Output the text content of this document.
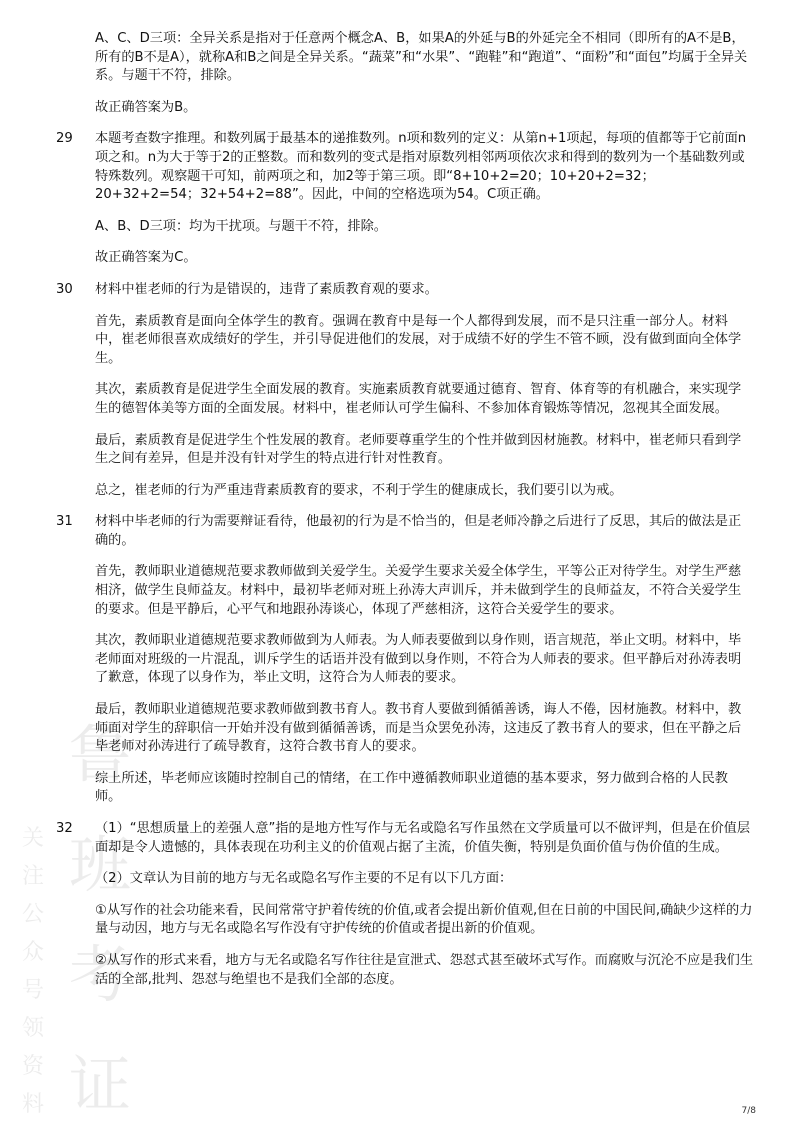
鲁
班
考
证
关
注
公
众
号
领
资
料

A、C、D三项：全异关系是指对于任意两个概念A、B，如果A的外延与B的外延完全不相同（即所有的A不是B，所有的B不是A），就称A和B之间是全异关系。“蔬菜”和“水果”、“跑鞋”和“跑道”、“面粉”和“面包”均属于全异关系。与题干不符，排除。

故正确答案为B。

29 本题考查数字推理。和数列属于最基本的递推数列。n项和数列的定义：从第n+1项起，每项的值都等于它前面n项之和。n为大于等于2的正整数。而和数列的变式是指对原数列相邻两项依次求和得到的数列为一个基础数列或特殊数列。观察题干可知，前两项之和，加2等于第三项。即“8+10+2=20；10+20+2=32；20+32+2=54；32+54+2=88”。因此，中间的空格选项为54。C项正确。

A、B、D三项：均为干扰项。与题干不符，排除。

故正确答案为C。

30 材料中崔老师的行为是错误的，违背了素质教育观的要求。

首先，素质教育是面向全体学生的教育。强调在教育中是每一个人都得到发展，而不是只注重一部分人。材料中，崔老师很喜欢成绩好的学生，并引导促进他们的发展，对于成绩不好的学生不管不顾，没有做到面向全体学生。

其次，素质教育是促进学生全面发展的教育。实施素质教育就要通过德育、智育、体育等的有机融合，来实现学生的德智体美等方面的全面发展。材料中，崔老师认可学生偏科、不参加体育锻炼等情况，忽视其全面发展。

最后，素质教育是促进学生个性发展的教育。老师要尊重学生的个性并做到因材施教。材料中，崔老师只看到学生之间有差异，但是并没有针对学生的特点进行针对性教育。

总之，崔老师的行为严重违背素质教育的要求，不利于学生的健康成长，我们要引以为戒。

31 材料中毕老师的行为需要辩证看待，他最初的行为是不恰当的，但是老师冷静之后进行了反思，其后的做法是正确的。

首先，教师职业道德规范要求教师做到关爱学生。关爱学生要求关爱全体学生，平等公正对待学生。对学生严慈相济，做学生良师益友。材料中，最初毕老师对班上孙涛大声训斥，并未做到学生的良师益友，不符合关爱学生的要求。但是平静后，心平气和地跟孙涛谈心，体现了严慈相济，这符合关爱学生的要求。

其次，教师职业道德规范要求教师做到为人师表。为人师表要做到以身作则，语言规范，举止文明。材料中，毕老师面对班级的一片混乱，训斥学生的话语并没有做到以身作则，不符合为人师表的要求。但平静后对孙涛表明了歉意，体现了以身作为，举止文明，这符合为人师表的要求。

最后，教师职业道德规范要求教师做到教书育人。教书育人要做到循循善诱，诲人不倦，因材施教。材料中，教师面对学生的辞职信一开始并没有做到循循善诱，而是当众罢免孙涛，这违反了教书育人的要求，但在平静之后毕老师对孙涛进行了疏导教育，这符合教书育人的要求。

综上所述，毕老师应该随时控制自己的情绪，在工作中遵循教师职业道德的基本要求，努力做到合格的人民教师。

32 （1）“思想质量上的差强人意”指的是地方性写作与无名或隐名写作虽然在文学质量可以不做评判，但是在价值层面却是令人遗憾的，具体表现在功利主义的价值观占据了主流，价值失衡，特别是负面价值与伪价值的生成。

（2）文章认为目前的地方与无名或隐名写作主要的不足有以下几方面：

①从写作的社会功能来看，民间常常守护着传统的价值,或者会提出新价值观,但在日前的中国民间,确缺少这样的力量与动因，地方与无名或隐名写作没有守护传统的价值或者提出新的价值观。

②从写作的形式来看，地方与无名或隐名写作往往是宣泄式、怨怼式甚至破坏式写作。而腐败与沉沦不应是我们生活的全部,批判、怨怼与绝望也不是我们全部的态度。

7/8
